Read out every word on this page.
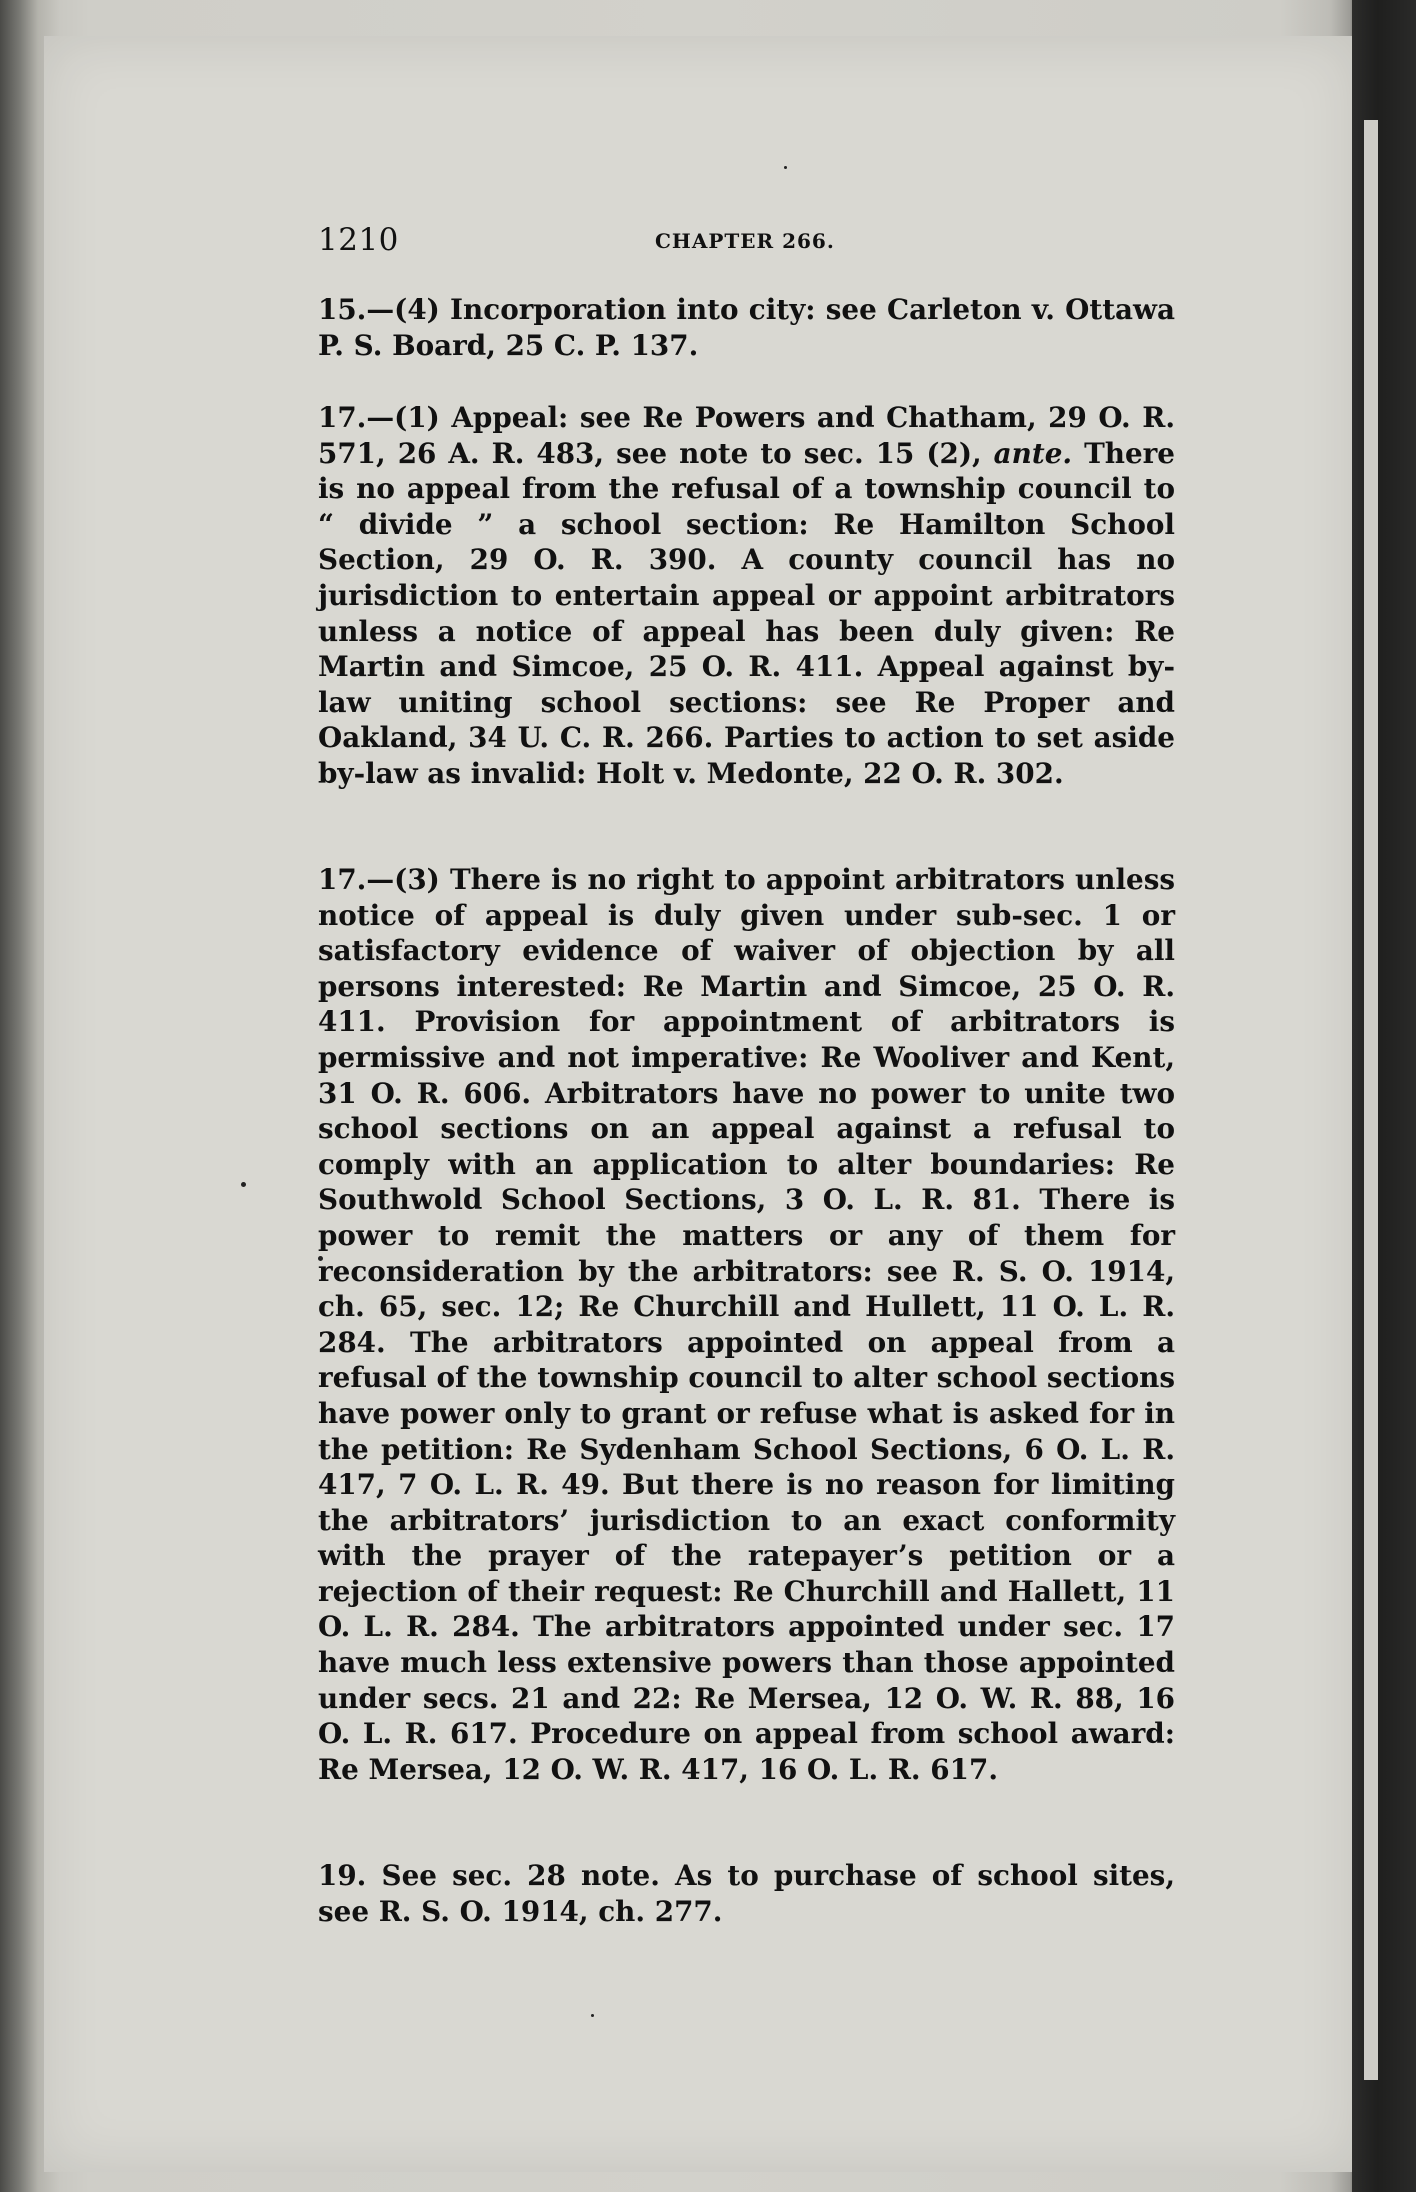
1210	CHAPTER 266.
15.—(4) Incorporation into city: see Carleton v. Ottawa P. S. Board, 25 C. P. 137.
17.—(1) Appeal: see Re Powers and Chatham, 29 O. R. 571, 26 A. R. 483, see note to sec. 15 (2), ante. There is no appeal from the refusal of a township council to “ divide ” a school section: Re Hamilton School Section, 29 O. R. 390. A county council has no jurisdiction to entertain appeal or appoint arbitrators unless a notice of appeal has been duly given: Re Martin and Simcoe, 25 O. R. 411. Appeal against by-law uniting school sections: see Re Proper and Oakland, 34 U. C. R. 266. Parties to action to set aside by-law as invalid: Holt v. Medonte, 22 O. R. 302.
17.—(3) There is no right to appoint arbitrators unless notice of appeal is duly given under sub-sec. 1 or satisfactory evidence of waiver of objection by all persons interested: Re Martin and Simcoe, 25 O. R. 411. Provision for appointment of arbitrators is permissive and not imperative: Re Wooliver and Kent, 31 O. R. 606. Arbitrators have no power to unite two school sections on an appeal against a refusal to comply with an application to alter boundaries: Re Southwold School Sections, 3 O. L. R. 81. There is power to remit the matters or any of them for reconsideration by the arbitrators: see R. S. O. 1914, ch. 65, sec. 12; Re Churchill and Hullett, 11 O. L. R. 284. The arbitrators appointed on appeal from a refusal of the township council to alter school sections have power only to grant or refuse what is asked for in the petition: Re Sydenham School Sections, 6 O. L. R. 417, 7 O. L. R. 49. But there is no reason for limiting the arbitrators’ jurisdiction to an exact conformity with the prayer of the ratepayer’s petition or a rejection of their request: Re Churchill and Hallett, 11 O. L. R. 284. The arbitrators appointed under sec. 17 have much less extensive powers than those appointed under secs. 21 and 22: Re Mersea, 12 O. W. R. 88, 16 O. L. R. 617. Procedure on appeal from school award: Re Mersea, 12 O. W. R. 417, 16 O. L. R. 617.
19. See sec. 28 note. As to purchase of school sites, see R. S. O. 1914, ch. 277.
